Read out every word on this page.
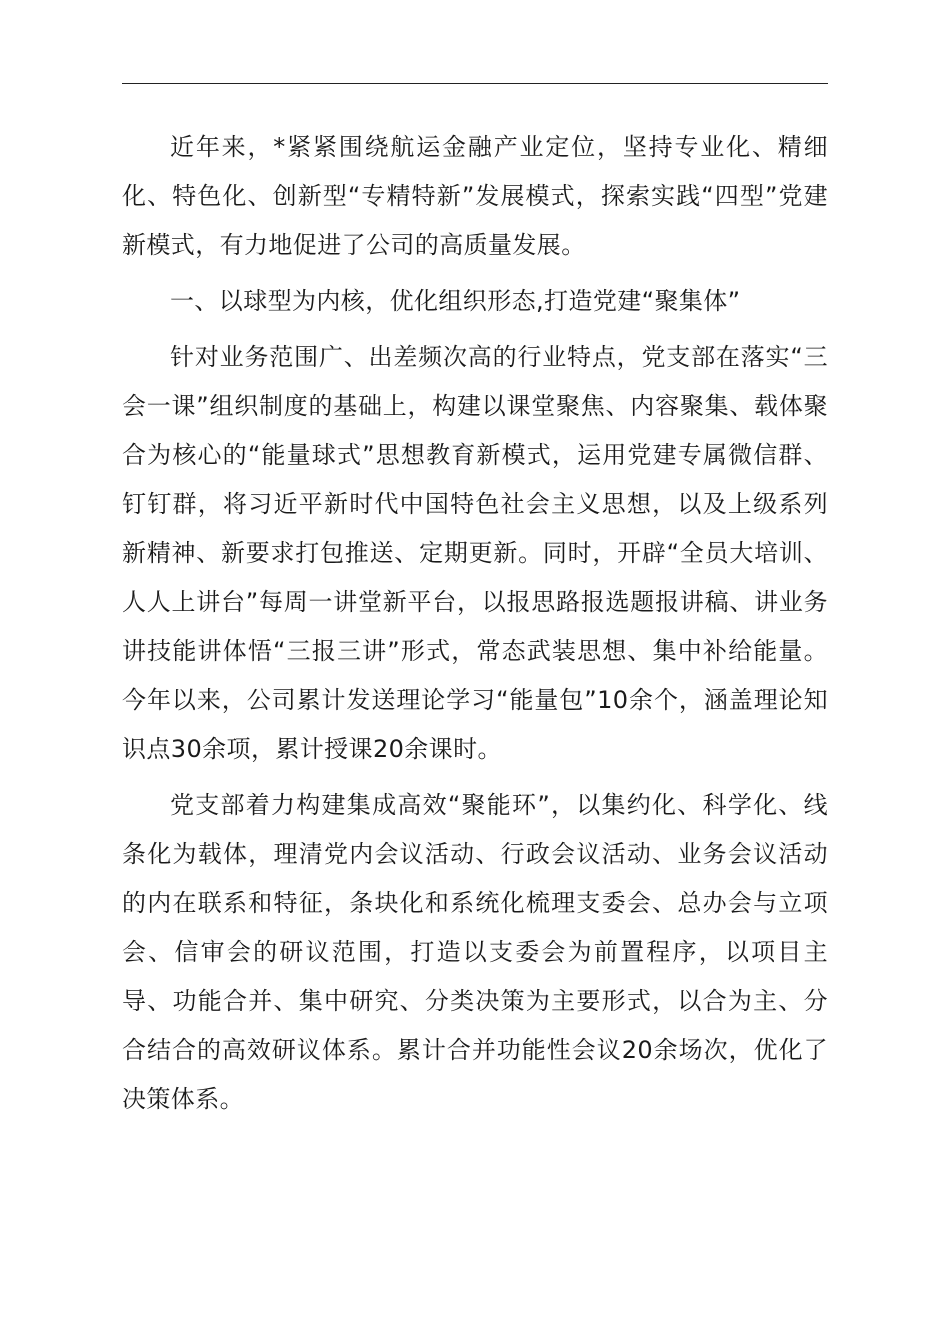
近年来，*紧紧围绕航运金融产业定位，坚持专业化、精细化、特色化、创新型“专精特新”发展模式，探索实践“四型”党建新模式，有力地促进了公司的高质量发展。

一、以球型为内核，优化组织形态,打造党建“聚集体”

针对业务范围广、出差频次高的行业特点，党支部在落实“三会一课”组织制度的基础上，构建以课堂聚焦、内容聚集、载体聚合为核心的“能量球式”思想教育新模式，运用党建专属微信群、钉钉群，将习近平新时代中国特色社会主义思想，以及上级系列新精神、新要求打包推送、定期更新。同时，开辟“全员大培训、人人上讲台”每周一讲堂新平台，以报思路报选题报讲稿、讲业务讲技能讲体悟“三报三讲”形式，常态武装思想、集中补给能量。今年以来，公司累计发送理论学习“能量包”10余个，涵盖理论知识点30余项，累计授课20余课时。

党支部着力构建集成高效“聚能环”，以集约化、科学化、线条化为载体，理清党内会议活动、行政会议活动、业务会议活动的内在联系和特征，条块化和系统化梳理支委会、总办会与立项会、信审会的研议范围，打造以支委会为前置程序，以项目主导、功能合并、集中研究、分类决策为主要形式，以合为主、分合结合的高效研议体系。累计合并功能性会议20余场次，优化了决策体系。
